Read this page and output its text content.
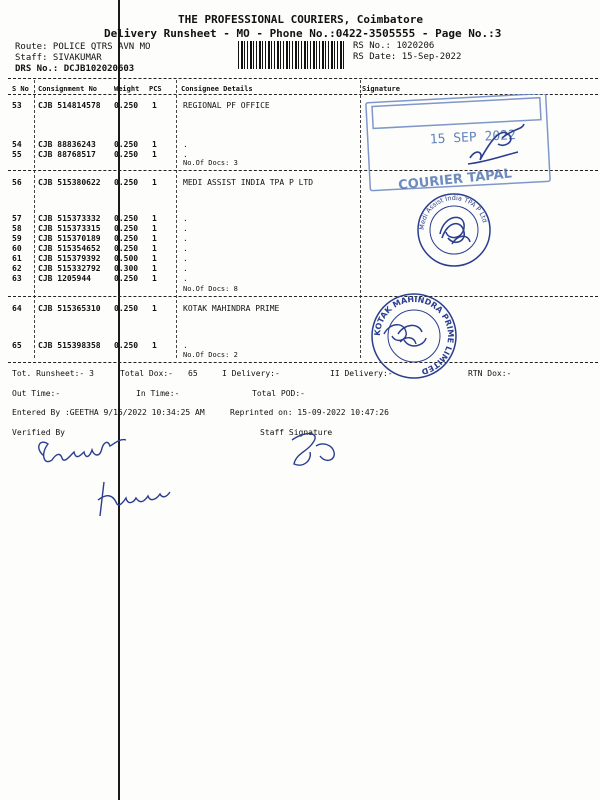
THE PROFESSIONAL COURIERS, Coimbatore
Delivery Runsheet - MO - Phone No.:0422-3505555 - Page No.:3
Route: POLICE QTRS AVN MO
Staff: SIVAKUMAR
DRS No.: DCJB102020603
RS No.: 1020206
RS Date: 15-Sep-2022
S No Consignment No Weight PCS	Consignee Details	Signature
53 CJB 514814578 0.250 1	REGIONAL PF OFFICE
54 CJB 88836243 0.250 1	.
55 CJB 88768517 0.250 1	.
No.Of Docs: 3
56 CJB 515380622 0.250 1	MEDI ASSIST INDIA TPA P LTD
57 CJB 515373332 0.250 1	.
58 CJB 515373315 0.250 1	.
59 CJB 515370189 0.250 1	.
60 CJB 515354652 0.250 1	.
61 CJB 515379392 0.500 1	.
62 CJB 515332792 0.300 1	.
63 CJB 1205944	0.250 1	.
No.Of Docs: 8
64 CJB 515365310 0.250 1	KOTAK MAHINDRA PRIME
65 CJB 515398358 0.250 1	.
No.Of Docs: 2
15 SEP 2022
COURIER TAPAL
Medi Assist India TPA P Ltd
KOTAK MAHINDRA PRIME LIMITED
Tot. Runsheet:- 3	Total Dox:- 65	I Delivery:-	II Delivery:-	RTN Dox:-
Out Time:-	In Time:-	Total POD:-
Entered By :GEETHA 9/15/2022 10:34:25 AM	Reprinted on: 15-09-2022 10:47:26
Verified By	Staff Signature
